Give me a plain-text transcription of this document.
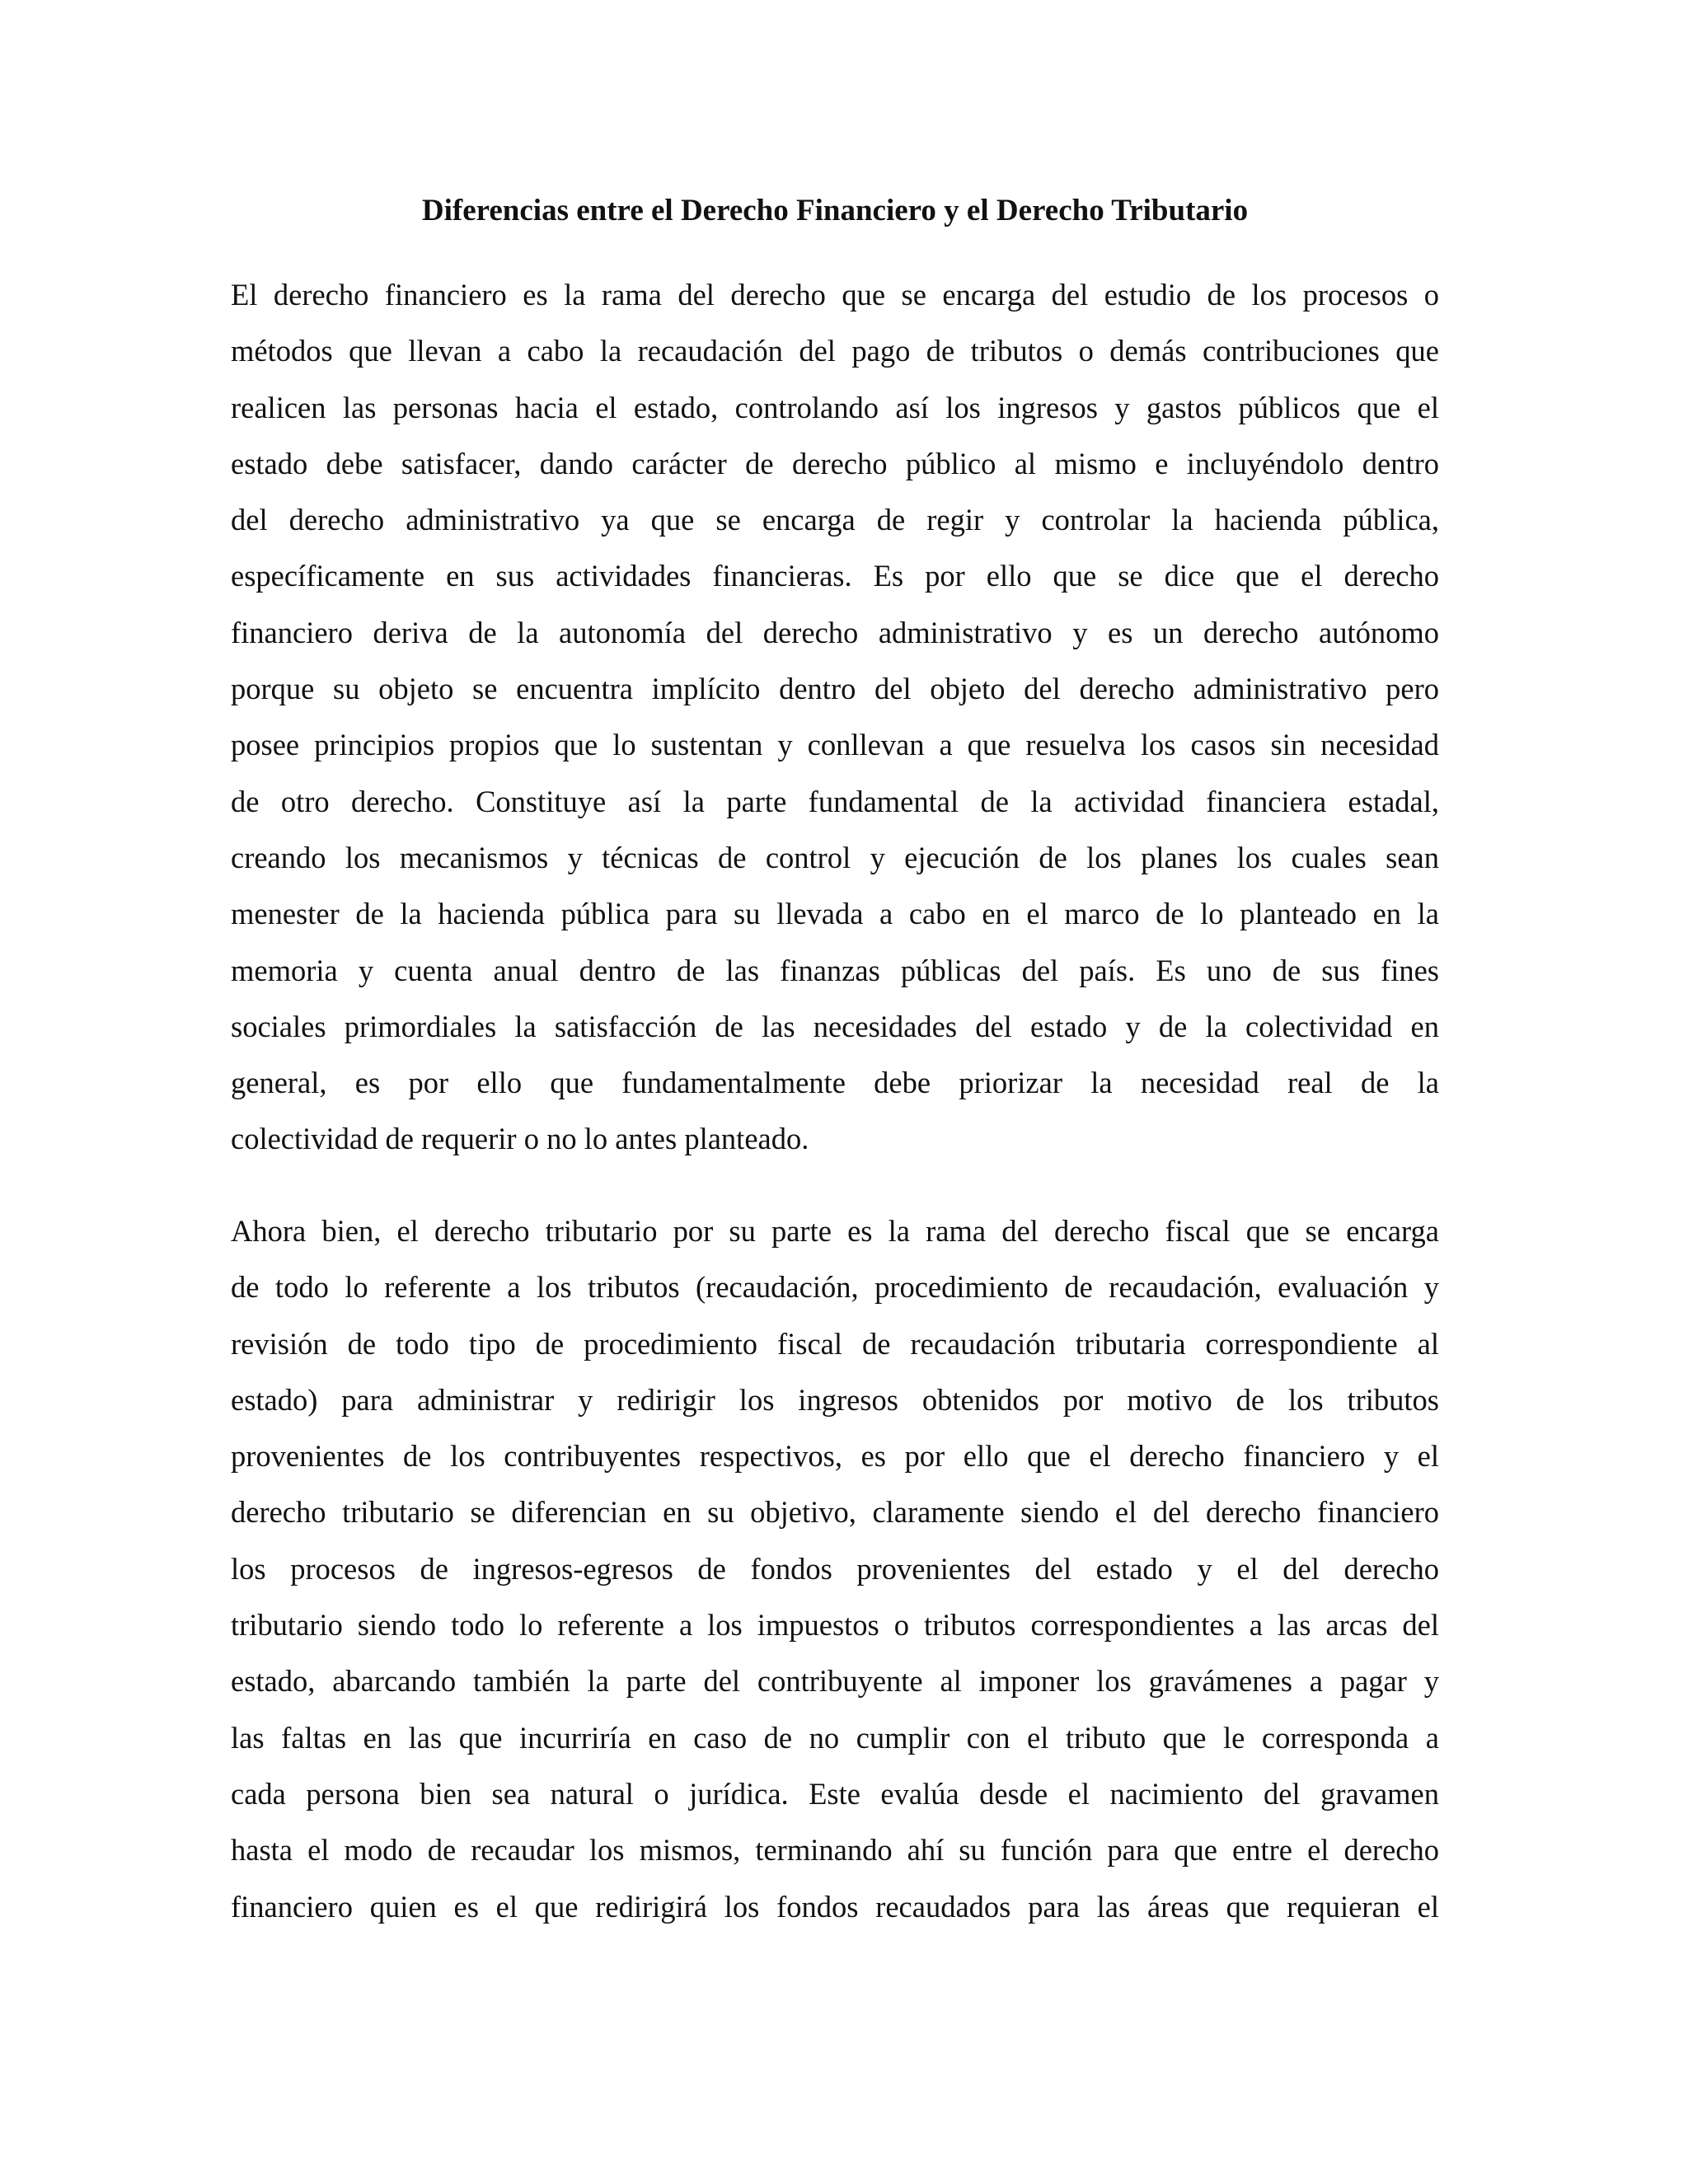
Diferencias entre el Derecho Financiero y el Derecho Tributario
El derecho financiero es la rama del derecho que se encarga del estudio de los procesos o
métodos que llevan a cabo la recaudación del pago de tributos o demás contribuciones que
realicen las personas hacia el estado, controlando así los ingresos y gastos públicos que el
estado debe satisfacer, dando carácter de derecho público al mismo e incluyéndolo dentro
del derecho administrativo ya que se encarga de regir y controlar la hacienda pública,
específicamente en sus actividades financieras. Es por ello que se dice que el derecho
financiero deriva de la autonomía del derecho administrativo y es un derecho autónomo
porque su objeto se encuentra implícito dentro del objeto del derecho administrativo pero
posee principios propios que lo sustentan y conllevan a que resuelva los casos sin necesidad
de otro derecho. Constituye así la parte fundamental de la actividad financiera estadal,
creando los mecanismos y técnicas de control y ejecución de los planes los cuales sean
menester de la hacienda pública para su llevada a cabo en el marco de lo planteado en la
memoria y cuenta anual dentro de las finanzas públicas del país. Es uno de sus fines
sociales primordiales la satisfacción de las necesidades del estado y de la colectividad en
general, es por ello que fundamentalmente debe priorizar la necesidad real de la
colectividad de requerir o no lo antes planteado.
Ahora bien, el derecho tributario por su parte es la rama del derecho fiscal que se encarga
de todo lo referente a los tributos (recaudación, procedimiento de recaudación, evaluación y
revisión de todo tipo de procedimiento fiscal de recaudación tributaria correspondiente al
estado) para administrar y redirigir los ingresos obtenidos por motivo de los tributos
provenientes de los contribuyentes respectivos, es por ello que el derecho financiero y el
derecho tributario se diferencian en su objetivo, claramente siendo el del derecho financiero
los procesos de ingresos-egresos de fondos provenientes del estado y el del derecho
tributario siendo todo lo referente a los impuestos o tributos correspondientes a las arcas del
estado, abarcando también la parte del contribuyente al imponer los gravámenes a pagar y
las faltas en las que incurriría en caso de no cumplir con el tributo que le corresponda a
cada persona bien sea natural o jurídica. Este evalúa desde el nacimiento del gravamen
hasta el modo de recaudar los mismos, terminando ahí su función para que entre el derecho
financiero quien es el que redirigirá los fondos recaudados para las áreas que requieran el
